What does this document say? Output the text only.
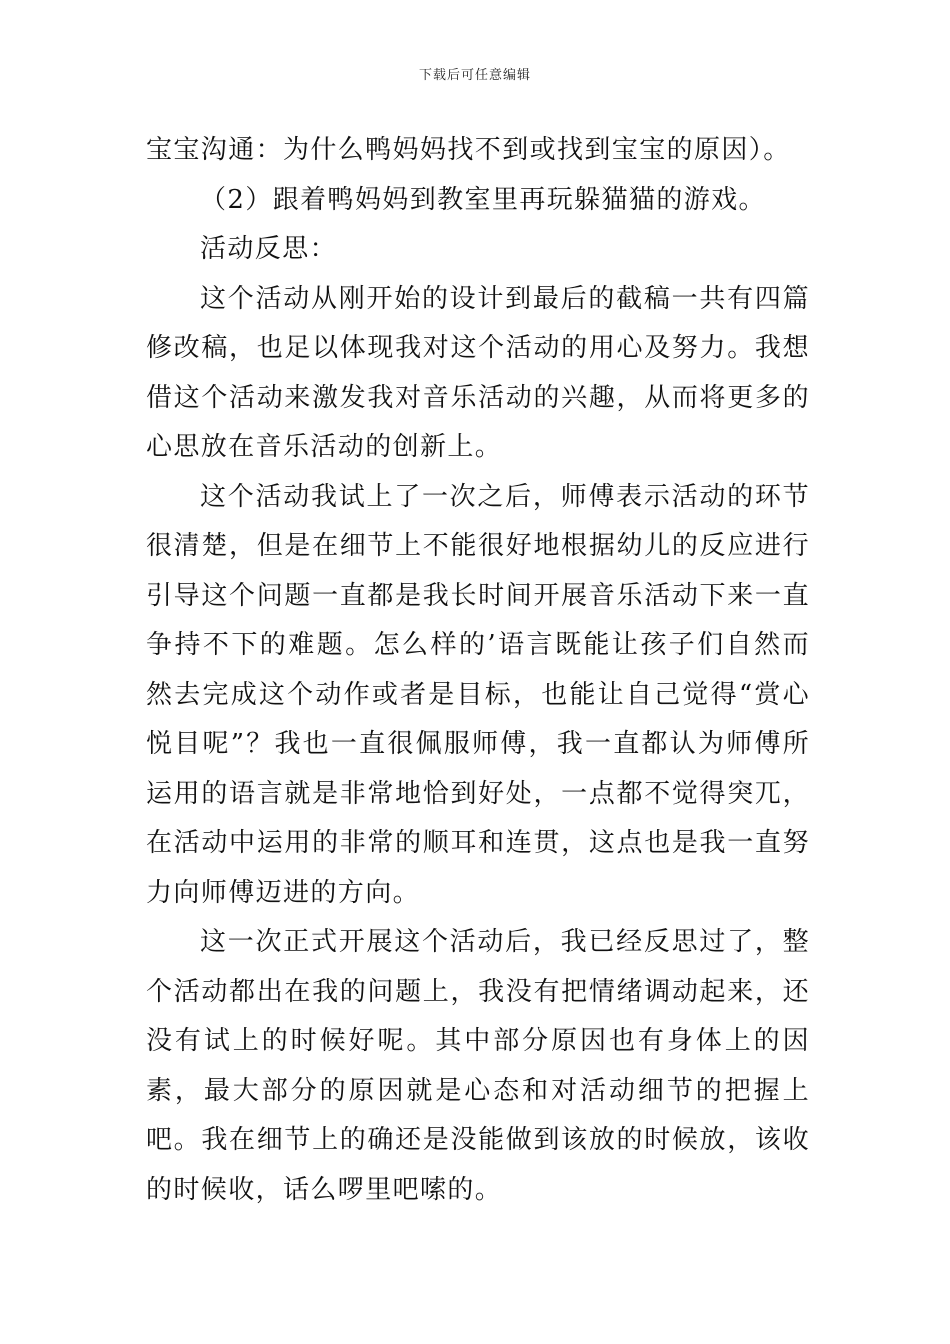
下载后可任意编辑

宝宝沟通：为什么鸭妈妈找不到或找到宝宝的原因）。

（2）跟着鸭妈妈到教室里再玩躲猫猫的游戏。

活动反思：

这个活动从刚开始的设计到最后的截稿一共有四篇修改稿，也足以体现我对这个活动的用心及努力。我想借这个活动来激发我对音乐活动的兴趣，从而将更多的心思放在音乐活动的创新上。

这个活动我试上了一次之后，师傅表示活动的环节很清楚，但是在细节上不能很好地根据幼儿的反应进行引导这个问题一直都是我长时间开展音乐活动下来一直争持不下的难题。怎么样的’语言既能让孩子们自然而然去完成这个动作或者是目标，也能让自己觉得“赏心悦目呢”？我也一直很佩服师傅，我一直都认为师傅所运用的语言就是非常地恰到好处，一点都不觉得突兀，在活动中运用的非常的顺耳和连贯，这点也是我一直努力向师傅迈进的方向。

这一次正式开展这个活动后，我已经反思过了，整个活动都出在我的问题上，我没有把情绪调动起来，还没有试上的时候好呢。其中部分原因也有身体上的因素，最大部分的原因就是心态和对活动细节的把握上吧。我在细节上的确还是没能做到该放的时候放，该收的时候收，话么啰里吧嗦的。
